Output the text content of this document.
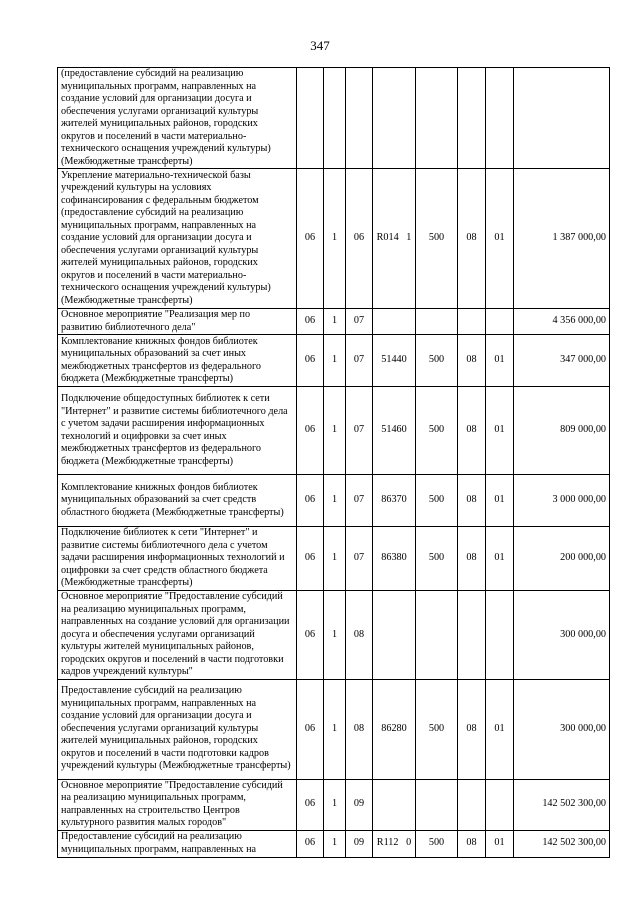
347
(предоставление субсидий на реализацию муниципальных программ, направленных на создание условий для организации досуга и обеспечения услугами организаций культуры жителей муниципальных районов, городских округов и поселений в части материально-технического оснащения учреждений культуры) (Межбюджетные трансферты)								
Укрепление материально-технической базы учреждений культуры на условиях софинансирования с федеральным бюджетом (предоставление субсидий на реализацию муниципальных программ, направленных на создание условий для организации досуга и обеспечения услугами организаций культуры жителей муниципальных районов, городских округов и поселений в части материально-технического оснащения учреждений культуры) (Межбюджетные трансферты)	06	1	06	R014   1	500	08	01	1 387 000,00
Основное мероприятие "Реализация мер по развитию библиотечного дела"	06	1	07					4 356 000,00
Комплектование книжных фондов библиотек муниципальных образований за счет иных межбюджетных трансфертов из федерального бюджета (Межбюджетные трансферты)	06	1	07	51440	500	08	01	347 000,00
Подключение общедоступных библиотек к сети "Интернет" и развитие системы библиотечного дела с учетом задачи расширения информационных технологий и оцифровки за счет иных межбюджетных трансфертов из федерального бюджета (Межбюджетные трансферты)	06	1	07	51460	500	08	01	809 000,00
Комплектование книжных фондов библиотек муниципальных образований за счет средств областного бюджета (Межбюджетные трансферты)	06	1	07	86370	500	08	01	3 000 000,00
Подключение библиотек к сети "Интернет" и развитие системы библиотечного дела с учетом задачи расширения информационных технологий и оцифровки за счет средств областного бюджета (Межбюджетные трансферты)	06	1	07	86380	500	08	01	200 000,00
Основное мероприятие "Предоставление субсидий на реализацию муниципальных программ, направленных на создание условий для организации досуга и обеспечения услугами организаций культуры жителей муниципальных районов, городских округов и поселений в части подготовки кадров учреждений культуры"	06	1	08					300 000,00
Предоставление субсидий на реализацию муниципальных программ, направленных на создание условий для организации досуга и обеспечения услугами организаций культуры жителей муниципальных районов, городских округов и поселений в части подготовки кадров учреждений культуры (Межбюджетные трансферты)	06	1	08	86280	500	08	01	300 000,00
Основное мероприятие "Предоставление субсидий на реализацию муниципальных программ, направленных на строительство Центров культурного развития малых городов"	06	1	09					142 502 300,00
Предоставление субсидий на реализацию муниципальных программ, направленных на	06	1	09	R112   0	500	08	01	142 502 300,00
